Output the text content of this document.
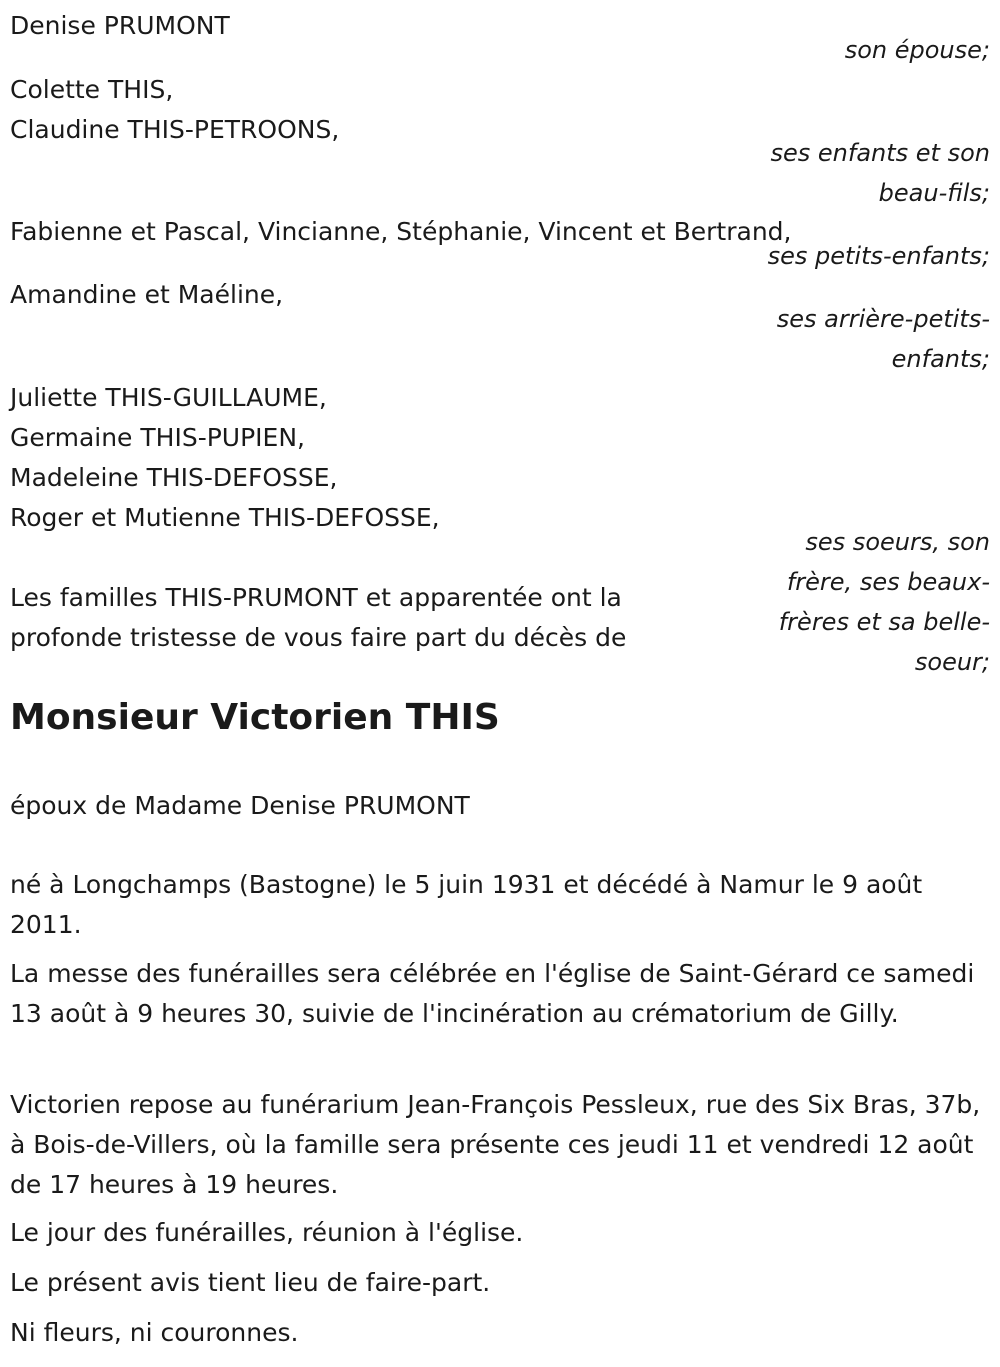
Denise PRUMONT
son épouse;
Colette THIS,
Claudine THIS-PETROONS,
ses enfants et son
beau-fils;
Fabienne et Pascal, Vincianne, Stéphanie, Vincent et Bertrand,
ses petits-enfants;
Amandine et Maéline,
ses arrière-petits-
enfants;
Juliette THIS-GUILLAUME,
Germaine THIS-PUPIEN,
Madeleine THIS-DEFOSSE,
Roger et Mutienne THIS-DEFOSSE,
ses soeurs, son
frère, ses beaux-
frères et sa belle-
soeur;
Les familles THIS-PRUMONT et apparentée ont la
profonde tristesse de vous faire part du décès de
Monsieur Victorien THIS
époux de Madame Denise PRUMONT
né à Longchamps (Bastogne) le 5 juin 1931 et décédé à Namur le 9 août 2011.
La messe des funérailles sera célébrée en l'église de Saint-Gérard ce samedi 13 août à 9 heures 30, suivie de l'incinération au crématorium de Gilly.
Victorien repose au funérarium Jean-François Pessleux, rue des Six Bras, 37b, à Bois-de-Villers, où la famille sera présente ces jeudi 11 et vendredi 12 août de 17 heures à 19 heures.
Le jour des funérailles, réunion à l'église.
Le présent avis tient lieu de faire-part.
Ni fleurs, ni couronnes.
